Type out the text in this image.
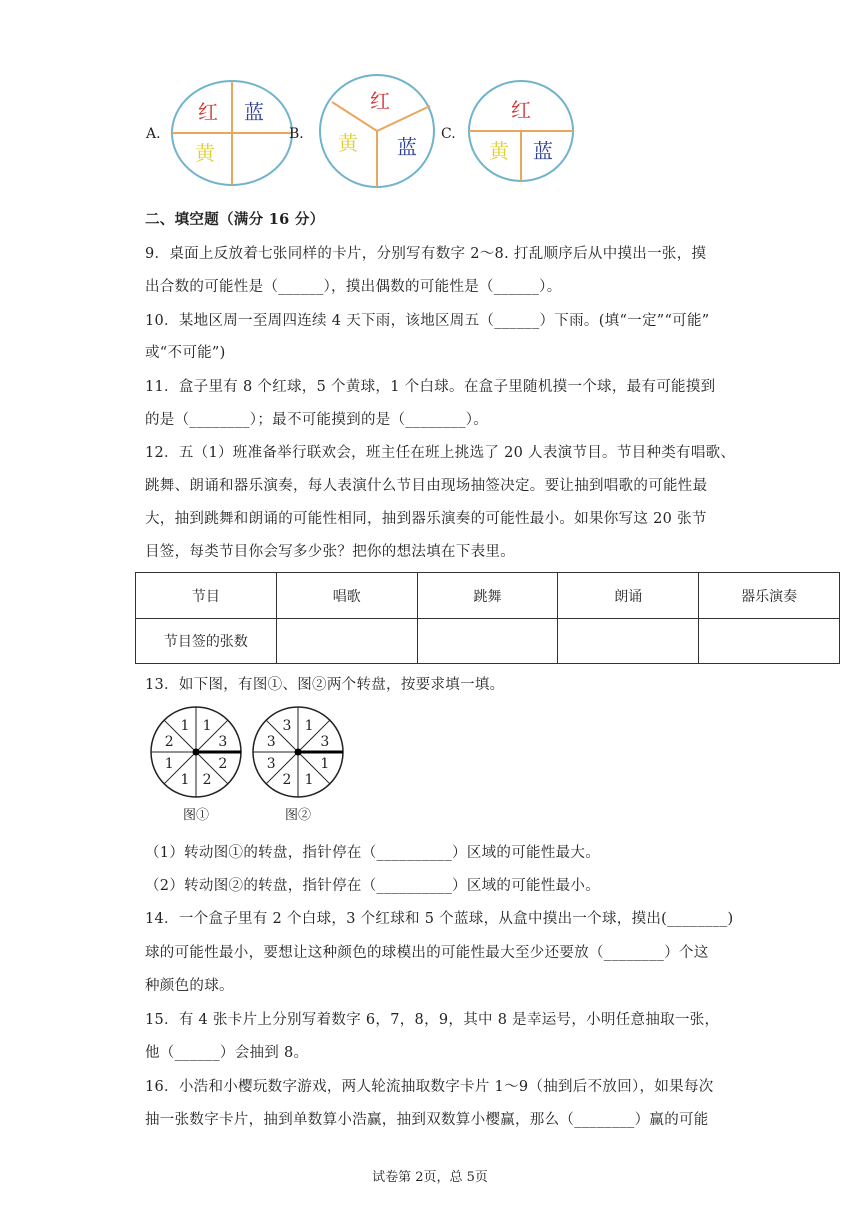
A.
红 蓝
黄
B.
红
黄 蓝
C.
红
黄 蓝
二、填空题（满分 16 分）
9．桌面上反放着七张同样的卡片，分别写有数字 2～8. 打乱顺序后从中摸出一张，摸
出合数的可能性是（______），摸出偶数的可能性是（______）。
10．某地区周一至周四连续 4 天下雨，该地区周五（______）下雨。(填“一定”“可能”
或“不可能”)
11．盒子里有 8 个红球，5 个黄球，1 个白球。在盒子里随机摸一个球，最有可能摸到
的是（________）；最不可能摸到的是（________）。
12．五（1）班准备举行联欢会，班主任在班上挑选了 20 人表演节目。节目种类有唱歌、
跳舞、朗诵和器乐演奏，每人表演什么节目由现场抽签决定。要让抽到唱歌的可能性最
大，抽到跳舞和朗诵的可能性相同，抽到器乐演奏的可能性最小。如果你写这 20 张节
目签，每类节目你会写多少张？把你的想法填在下表里。
节目	唱歌	跳舞	朗诵	器乐演奏
节目签的张数				
13．如下图，有图①、图②两个转盘，按要求填一填。
1
3
2
2
1
1
2
1
图①
1
3
1
1
2
3
3
3
图②
（1）转动图①的转盘，指针停在（__________）区域的可能性最大。
（2）转动图②的转盘，指针停在（__________）区域的可能性最小。
14．一个盒子里有 2 个白球，3 个红球和 5 个蓝球，从盒中摸出一个球，摸出(________)
球的可能性最小，要想让这种颜色的球模出的可能性最大至少还要放（________）个这
种颜色的球。
15．有 4 张卡片上分别写着数字 6，7，8，9，其中 8 是幸运号，小明任意抽取一张，
他（______）会抽到 8。
16．小浩和小樱玩数字游戏，两人轮流抽取数字卡片 1～9（抽到后不放回），如果每次
抽一张数字卡片，抽到单数算小浩赢，抽到双数算小樱赢，那么（________）赢的可能
试卷第 2页，总 5页
